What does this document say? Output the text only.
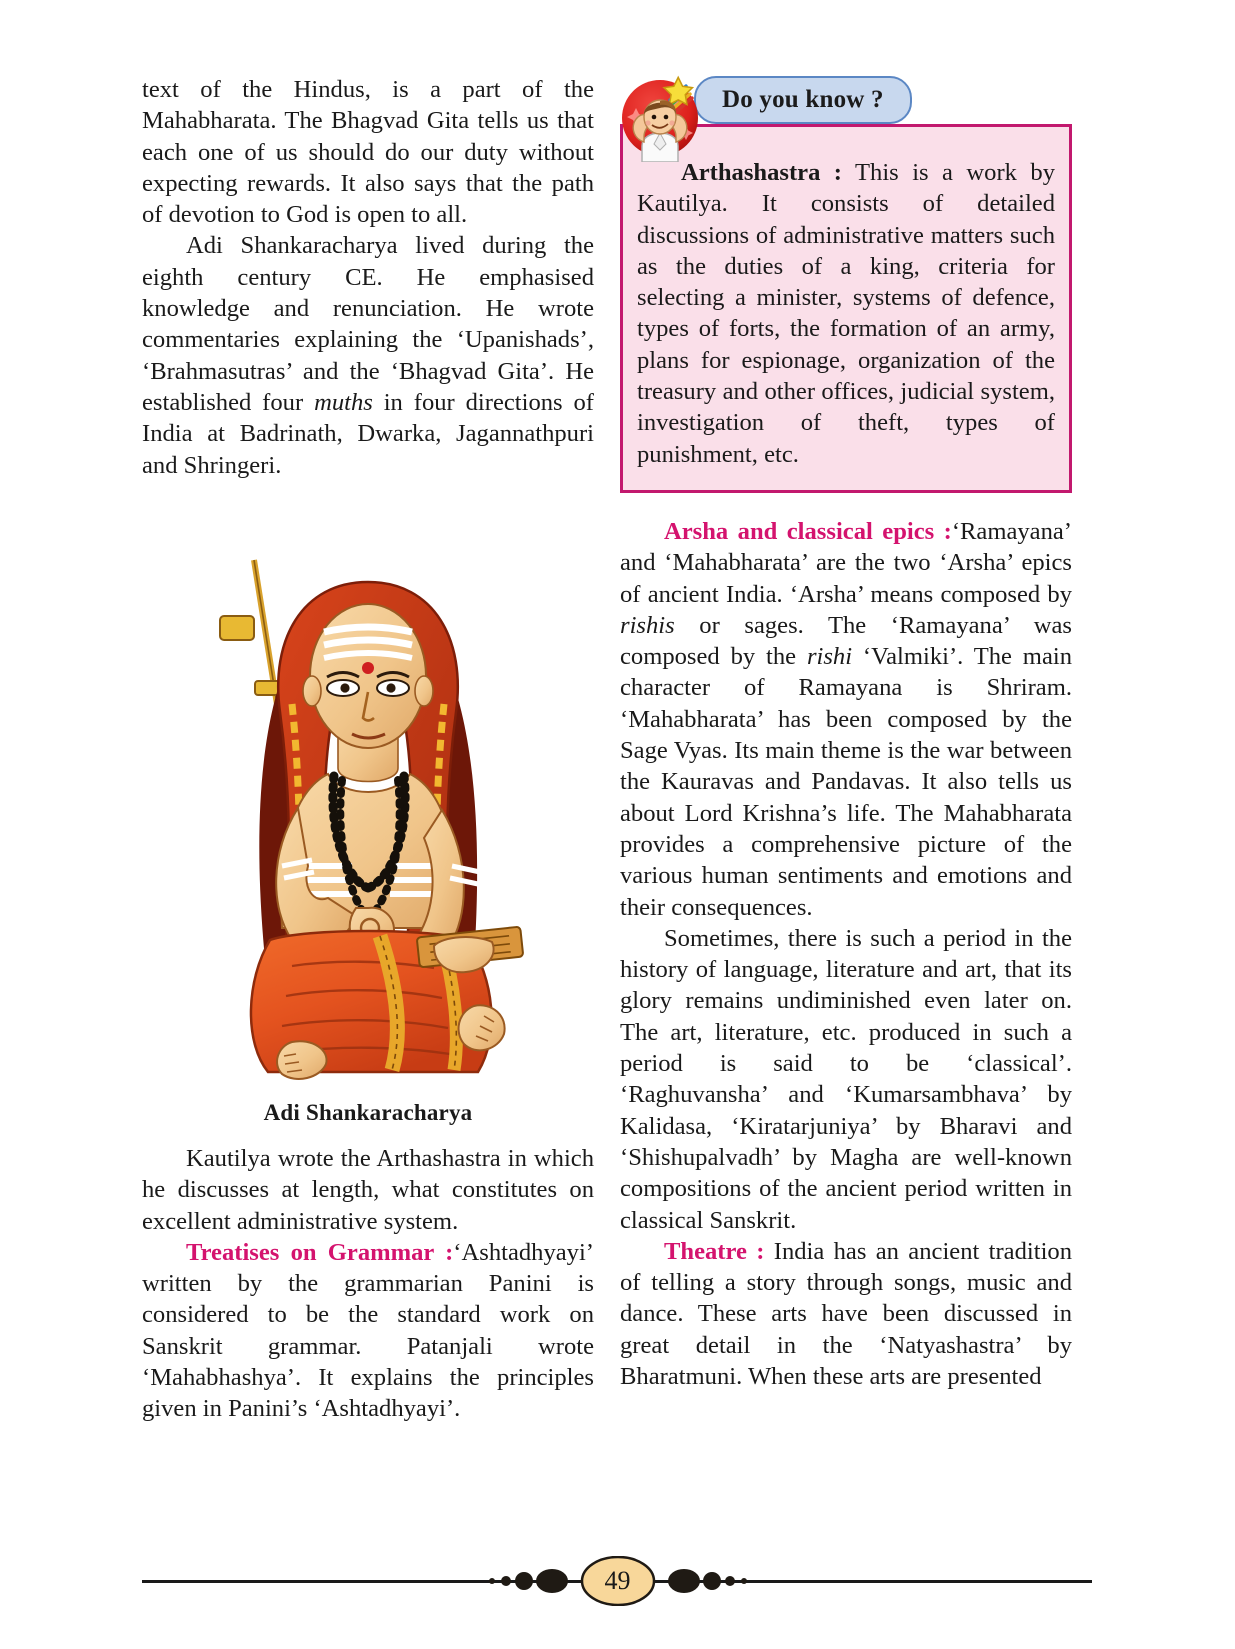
text of the Hindus, is a part of the Mahabharata. The Bhagvad Gita tells us that each one of us should do our duty without expecting rewards. It also says that the path of devotion to God is open to all.

Adi Shankaracharya lived during the eighth century CE. He emphasised knowledge and renunciation. He wrote commentaries explaining the ‘Upanishads’, ‘Brahmasutras’ and the ‘Bhagvad Gita’. He established four muths in four directions of India at Badrinath, Dwarka, Jagannathpuri and Shringeri.

Adi Shankaracharya

Kautilya wrote the Arthashastra in which he discusses at length, what constitutes on excellent administrative system.

Treatises on Grammar :‘Ashtadhyayi’ written by the grammarian Panini is considered to be the standard work on Sanskrit grammar. Patanjali wrote ‘Mahabhashya’. It explains the principles given in Panini’s ‘Ashtadhyayi’.

Do you know ?

Arthashastra : This is a work by Kautilya. It consists of detailed discussions of administrative matters such as the duties of a king, criteria for selecting a minister, systems of defence, types of forts, the formation of an army, plans for espionage, organization of the treasury and other offices, judicial system, investigation of theft, types of punishment, etc.

Arsha and classical epics :‘Ramayana’ and ‘Mahabharata’ are the two ‘Arsha’ epics of ancient India. ‘Arsha’ means composed by rishis or sages. The ‘Ramayana’ was composed by the rishi ‘Valmiki’. The main character of Ramayana is Shriram. ‘Mahabharata’ has been composed by the Sage Vyas. Its main theme is the war between the Kauravas and Pandavas. It also tells us about Lord Krishna’s life. The Mahabharata provides a comprehensive picture of the various human sentiments and emotions and their consequences.

Sometimes, there is such a period in the history of language, literature and art, that its glory remains undiminished even later on. The art, literature, etc. produced in such a period is said to be ‘classical’. ‘Raghuvansha’ and ‘Kumarsambhava’ by Kalidasa, ‘Kiratarjuniya’ by Bharavi and ‘Shishupalvadh’ by Magha are well-known compositions of the ancient period written in classical Sanskrit.

Theatre : India has an ancient tradition of telling a story through songs, music and dance. These arts have been discussed in great detail in the ‘Natyashastra’ by Bharatmuni. When these arts are presented

49
